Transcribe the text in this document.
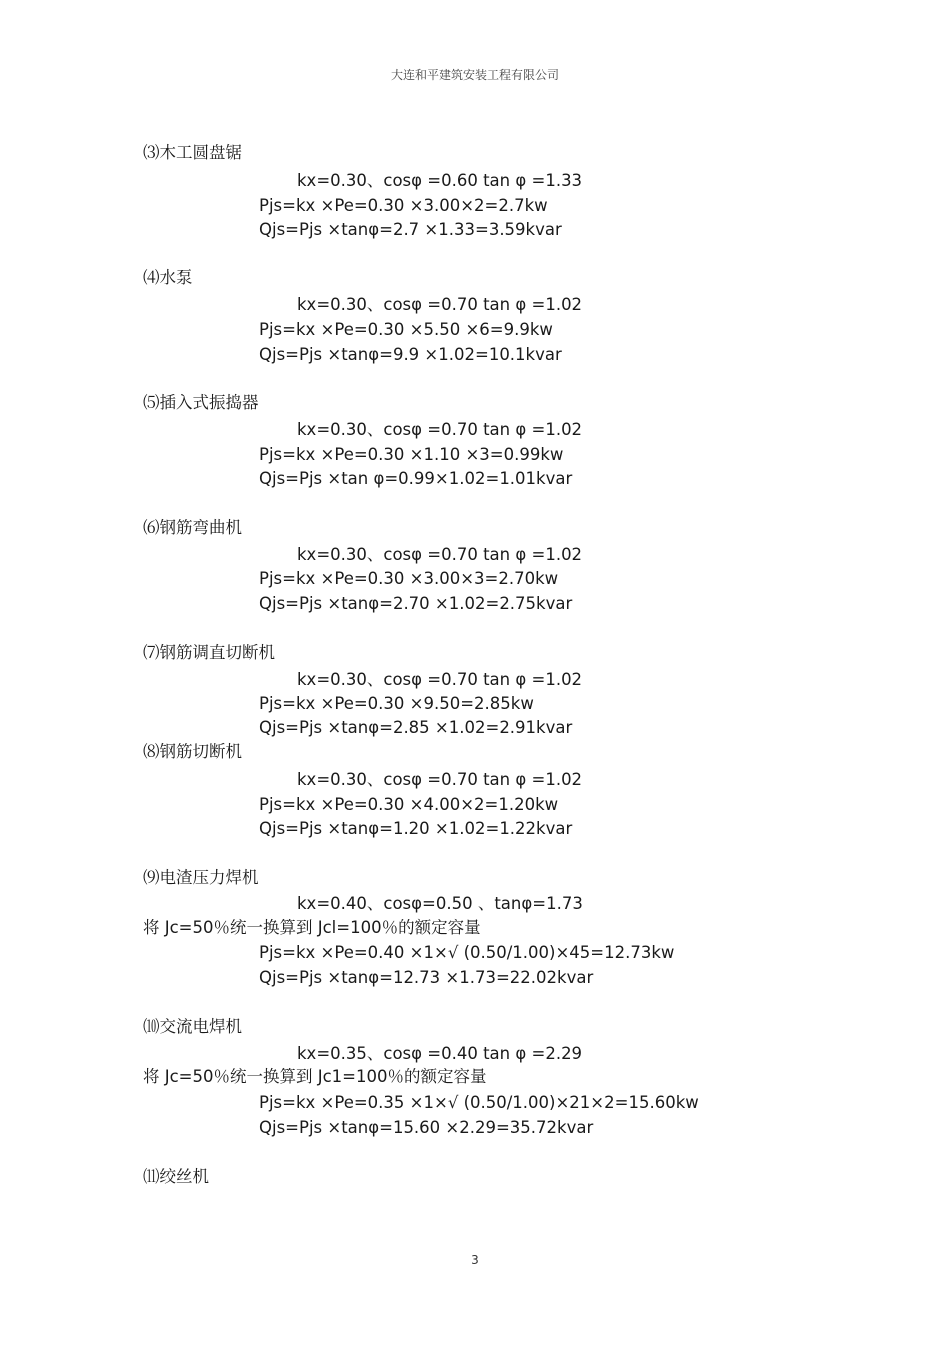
大连和平建筑安装工程有限公司
⑶木工圆盘锯
kx=0.30、cosφ =0.60 tan φ =1.33
Pjs=kx ×Pe=0.30 ×3.00×2=2.7kw
Qjs=Pjs ×tanφ=2.7 ×1.33=3.59kvar
⑷水泵
kx=0.30、cosφ =0.70 tan φ =1.02
Pjs=kx ×Pe=0.30 ×5.50 ×6=9.9kw
Qjs=Pjs ×tanφ=9.9 ×1.02=10.1kvar
⑸插入式振捣器
kx=0.30、cosφ =0.70 tan φ =1.02
Pjs=kx ×Pe=0.30 ×1.10 ×3=0.99kw
Qjs=Pjs ×tan φ=0.99×1.02=1.01kvar
⑹钢筋弯曲机
kx=0.30、cosφ =0.70 tan φ =1.02
Pjs=kx ×Pe=0.30 ×3.00×3=2.70kw
Qjs=Pjs ×tanφ=2.70 ×1.02=2.75kvar
⑺钢筋调直切断机
kx=0.30、cosφ =0.70 tan φ =1.02
Pjs=kx ×Pe=0.30 ×9.50=2.85kw
Qjs=Pjs ×tanφ=2.85 ×1.02=2.91kvar
⑻钢筋切断机
kx=0.30、cosφ =0.70 tan φ =1.02
Pjs=kx ×Pe=0.30 ×4.00×2=1.20kw
Qjs=Pjs ×tanφ=1.20 ×1.02=1.22kvar
⑼电渣压力焊机
kx=0.40、cosφ=0.50 、tanφ=1.73
将 Jc=50％统一换算到 Jcl=100％的额定容量
Pjs=kx ×Pe=0.40 ×1×√ (0.50/1.00)×45=12.73kw
Qjs=Pjs ×tanφ=12.73 ×1.73=22.02kvar
⑽交流电焊机
kx=0.35、cosφ =0.40 tan φ =2.29
将 Jc=50％统一换算到 Jc1=100％的额定容量
Pjs=kx ×Pe=0.35 ×1×√ (0.50/1.00)×21×2=15.60kw
Qjs=Pjs ×tanφ=15.60 ×2.29=35.72kvar
⑾绞丝机
3
